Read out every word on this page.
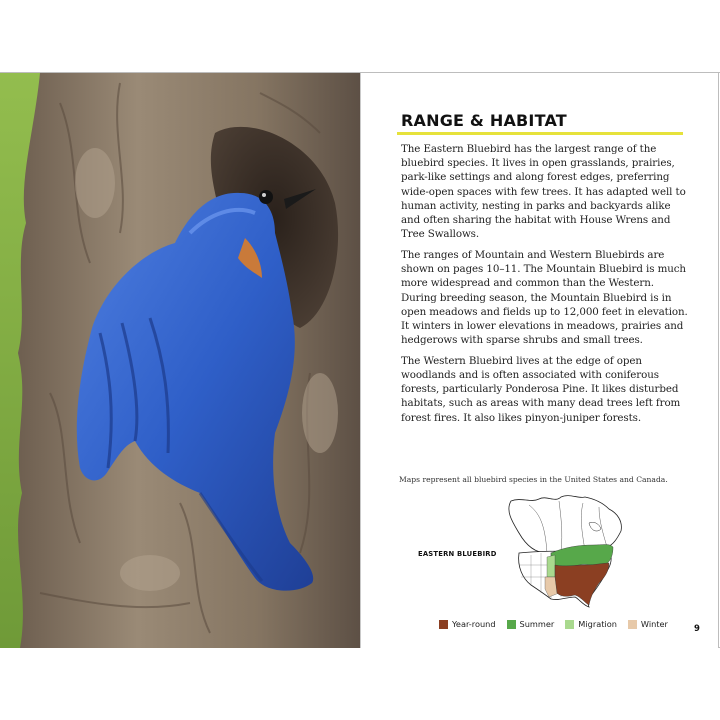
RANGE & HABITAT

The Eastern Bluebird has the largest range of the bluebird species. It lives in open grasslands, prairies, park-like settings and along forest edges, preferring wide-open spaces with few trees. It has adapted well to human activity, nesting in parks and backyards alike and often sharing the habitat with House Wrens and Tree Swallows.

The ranges of Mountain and Western Bluebirds are shown on pages 10–11. The Mountain Bluebird is much more widespread and common than the Western. During breeding season, the Mountain Bluebird is in open meadows and fields up to 12,000 feet in elevation. It winters in lower elevations in meadows, prairies and hedgerows with sparse shrubs and small trees.

The Western Bluebird lives at the edge of open woodlands and is often associated with coniferous forests, particularly Ponderosa Pine. It likes disturbed habitats, such as areas with many dead trees left from forest fires. It also likes pinyon-juniper forests.

Maps represent all bluebird species in the United States and Canada.
EASTERN BLUEBIRD
Year-round	Summer	Migration	Winter	9
